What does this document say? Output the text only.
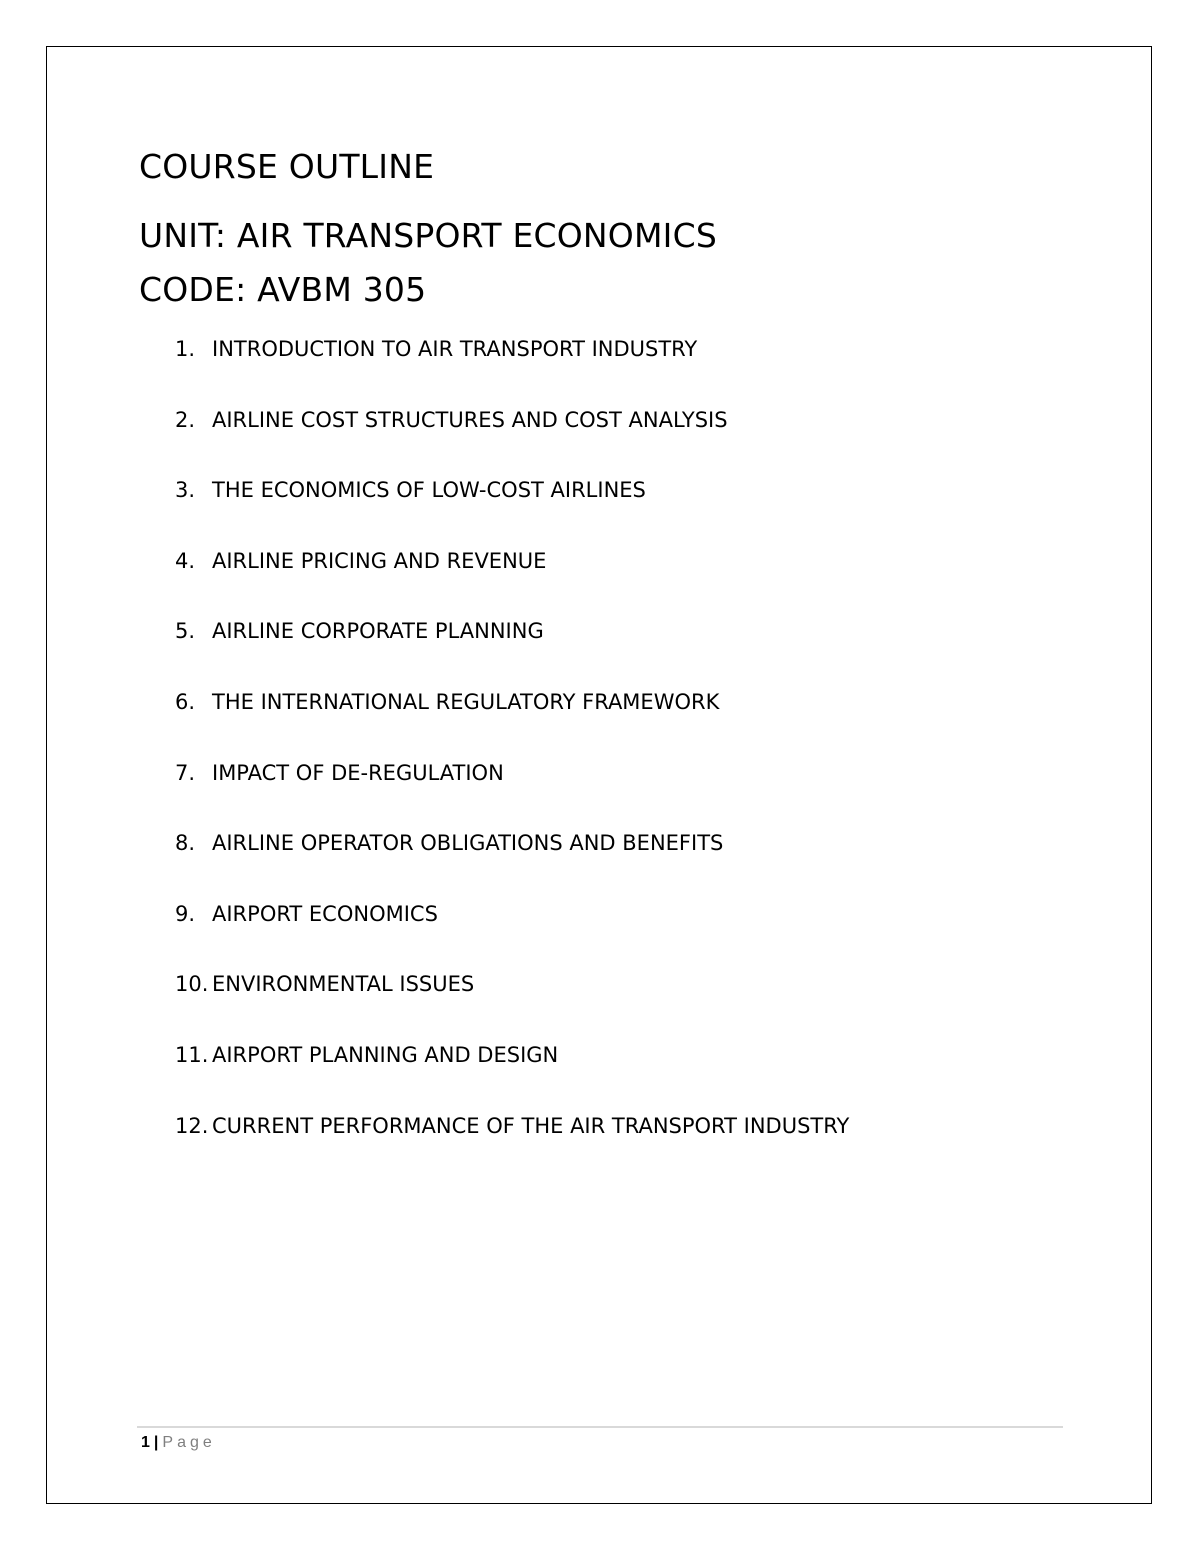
COURSE OUTLINE
UNIT: AIR TRANSPORT ECONOMICS
CODE: AVBM 305
1. INTRODUCTION TO AIR TRANSPORT INDUSTRY
2. AIRLINE COST STRUCTURES AND COST ANALYSIS
3. THE ECONOMICS OF LOW-COST AIRLINES
4. AIRLINE PRICING AND REVENUE
5. AIRLINE CORPORATE PLANNING
6. THE INTERNATIONAL REGULATORY FRAMEWORK
7. IMPACT OF DE-REGULATION
8. AIRLINE OPERATOR OBLIGATIONS AND BENEFITS
9. AIRPORT ECONOMICS
10. ENVIRONMENTAL ISSUES
11. AIRPORT PLANNING AND DESIGN
12. CURRENT PERFORMANCE OF THE AIR TRANSPORT INDUSTRY
1 | Page
